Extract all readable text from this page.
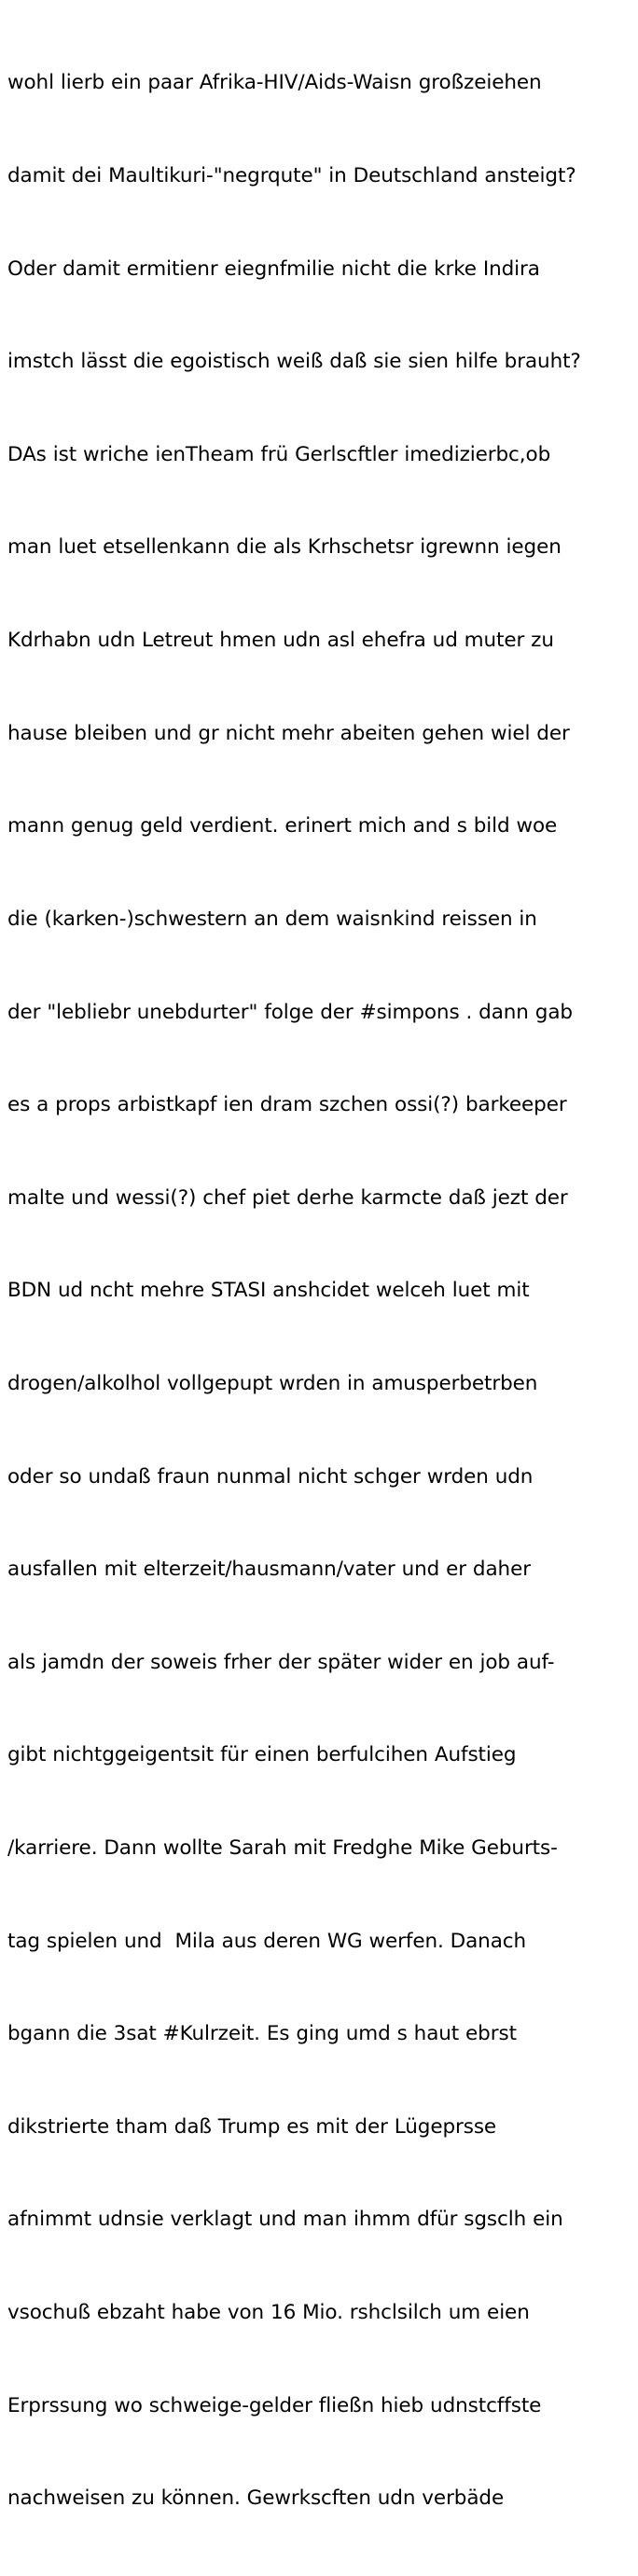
wohl lierb ein paar Afrika-HIV/Aids-Waisn großzeiehen

damit dei Maultikuri-"negrqute" in Deutschland ansteigt?

Oder damit ermitienr eiegnfmilie nicht die krke Indira

imstch lässt die egoistisch weiß daß sie sien hilfe brauht?

DAs ist wriche ienTheam frü Gerlscftler imedizierbc,ob

man luet etsellenkann die als Krhschetsr igrewnn iegen

Kdrhabn udn Letreut hmen udn asl ehefra ud muter zu

hause bleiben und gr nicht mehr abeiten gehen wiel der

mann genug geld verdient. erinert mich and s bild woe

die (karken-)schwestern an dem waisnkind reissen in

der "lebliebr unebdurter" folge der #simpons . dann gab

es a props arbistkapf ien dram szchen ossi(?) barkeeper

malte und wessi(?) chef piet derhe karmcte daß jezt der

BDN ud ncht mehre STASI anshcidet welceh luet mit

drogen/alkolhol vollgepupt wrden in amusperbetrben

oder so undaß fraun nunmal nicht schger wrden udn

ausfallen mit elterzeit/hausmann/vater und er daher

als jamdn der soweis frher der später wider en job auf-

gibt nichtggeigentsit für einen berfulcihen Aufstieg

/karriere. Dann wollte Sarah mit Fredghe Mike Geburts-

tag spielen und  Mila aus deren WG werfen. Danach

bgann die 3sat #Kulrzeit. Es ging umd s haut ebrst

dikstrierte tham daß Trump es mit der Lügeprsse

afnimmt udnsie verklagt und man ihmm dfür sgsclh ein

vsochuß ebzaht habe von 16 Mio. rshclsilch um eien

Erprssung wo schweige-gelder fließn hieb udnstcffste

nachweisen zu können. Gewrkscften udn verbäde
